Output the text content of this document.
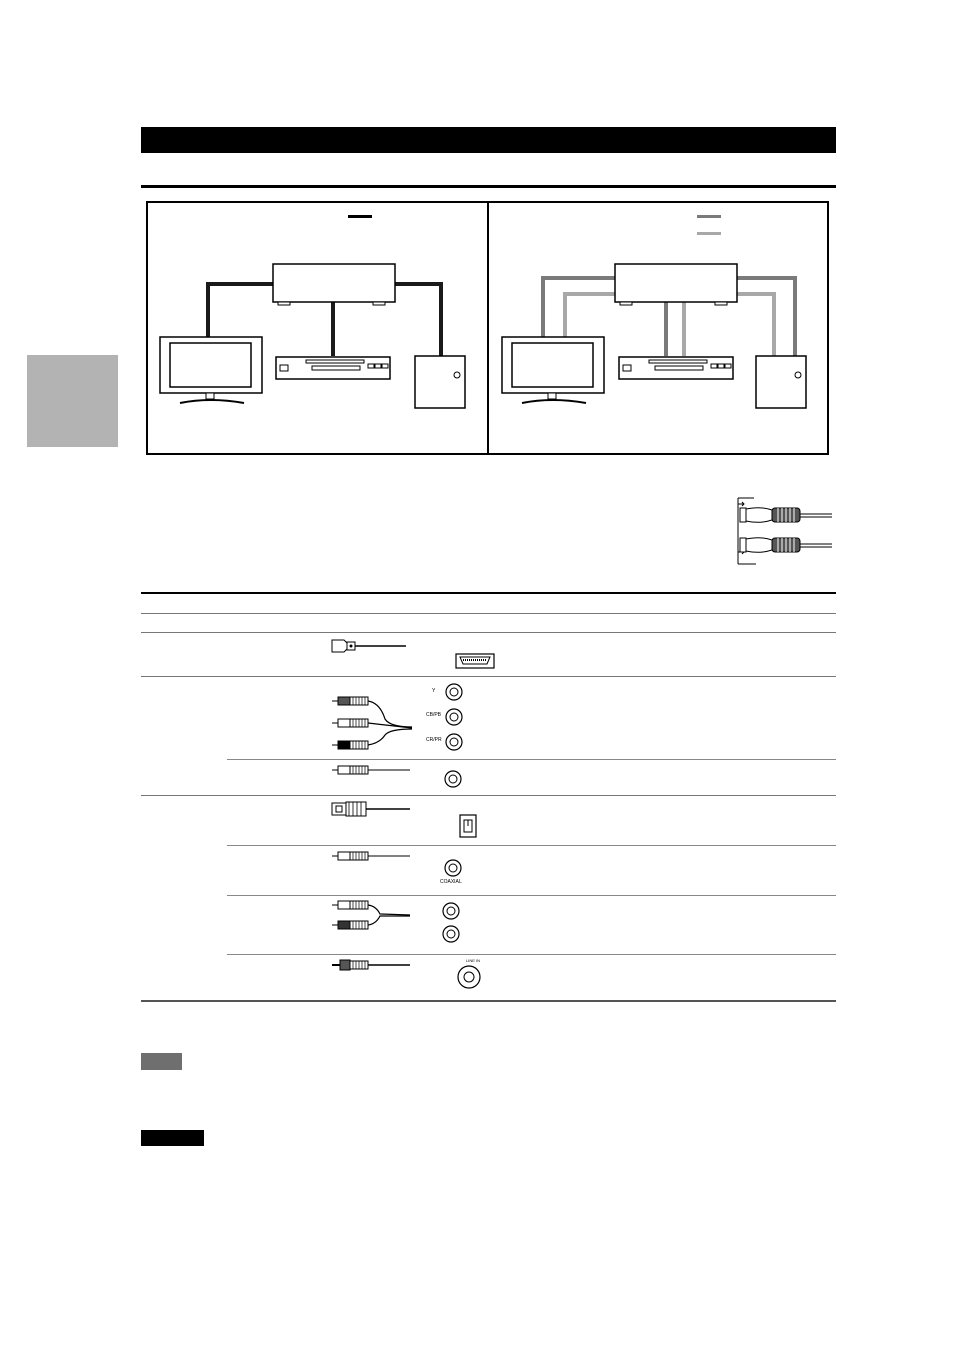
Y
CB/PB
CR/PR
COAXIAL
LINE IN
